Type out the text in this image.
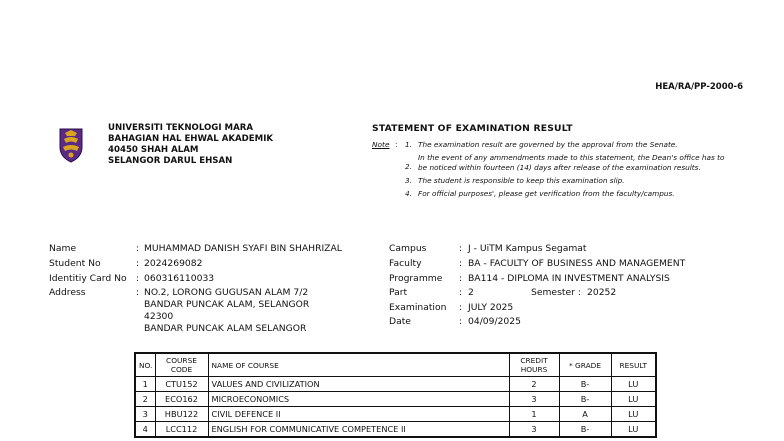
HEA/RA/PP-2000-6
UNIVERSITI TEKNOLOGI MARA
BAHAGIAN HAL EHWAL AKADEMIK
40450 SHAH ALAM
SELANGOR DARUL EHSAN
STATEMENT OF EXAMINATION RESULT
Note : 1. The examination result are governed by the approval from the Senate.
2.
In the event of any ammendments made to this statement, the Dean's office has to be noticed within fourteen (14) days after release of the examination results.
3. The student is responsible to keep this examination slip.
4. For official purposes', please get verification from the faculty/campus.
Name	: MUHAMMAD DANISH SYAFI BIN SHAHRIZAL
Student No	: 2024269082
Identitiy Card No : 060316110033
Address	: NO.2, LORONG GUGUSAN ALAM 7/2
BANDAR PUNCAK ALAM, SELANGOR
42300
BANDAR PUNCAK ALAM SELANGOR
Campus	: J - UiTM Kampus Segamat
Faculty	: BA - FACULTY OF BUSINESS AND MANAGEMENT
Programme : BA114 - DIPLOMA IN INVESTMENT ANALYSIS
Part	: 2	Semester : 20252
Examination : JULY 2025
Date	: 04/09/2025
NO.	COURSE CODE	NAME OF COURSE	CREDIT HOURS	* GRADE	RESULT
1	CTU152	VALUES AND CIVILIZATION	2	B-	LU
2	ECO162	MICROECONOMICS	3	B-	LU
3	HBU122	CIVIL DEFENCE II	1	A	LU
4	LCC112	ENGLISH FOR COMMUNICATIVE COMPETENCE II	3	B-	LU
